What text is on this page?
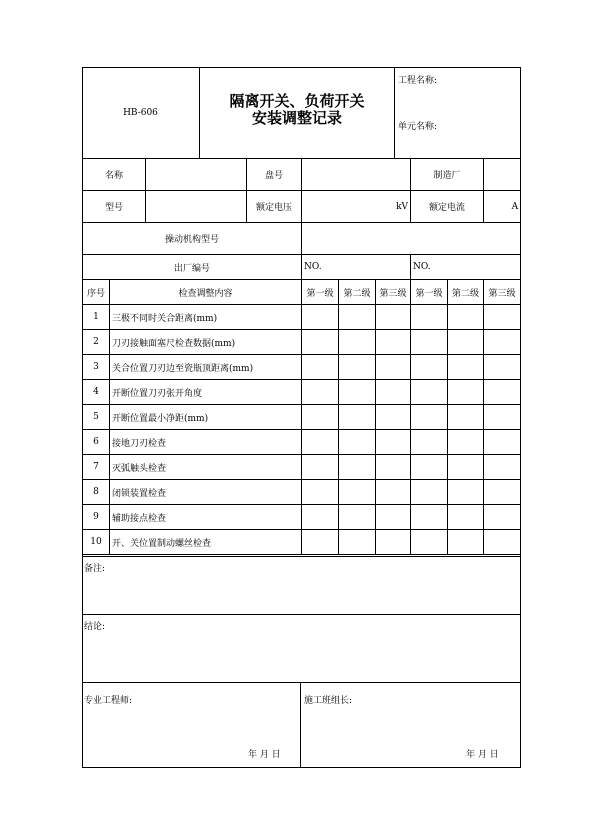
HB-606
隔离开关、负荷开关
安装调整记录
工程名称:
单元名称:
名称			盘号				制造厂		
型号			额定电压	kV			额定电流		A
操动机构型号									
出厂编号				NO.			NO.		
序号	检查调整内容			第一级	第二级	第三级	第一级	第二级	第三级
1	三极不同时关合距离(mm)								
2	刀刃接触面塞尺检查数据(mm)								
3	关合位置刀刃边至瓷瓶顶距离(mm)								
4	开断位置刀刃张开角度								
5	开断位置最小净距(mm)								
6	接地刀刃检查								
7	灭弧触头检查								
8	闭锁装置检查								
9	辅助接点检查								
10	开、关位置制动螺丝检查								
备注:
结论:
专业工程师:
年 月 日
施工班组长:
年 月 日
